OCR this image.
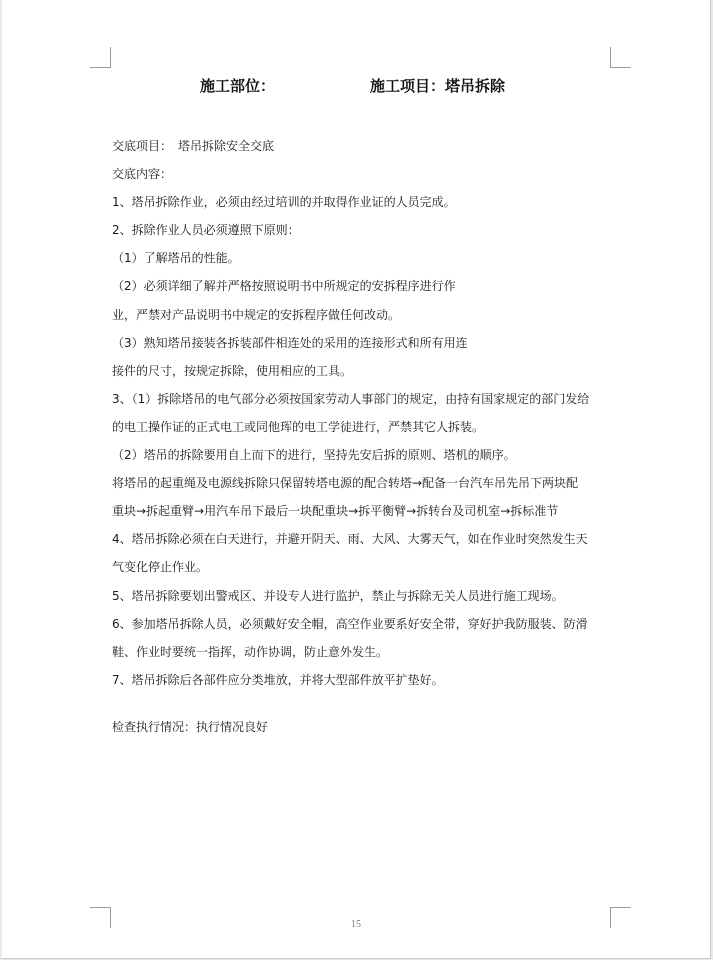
施工部位：	施工项目：塔吊拆除
交底项目：　塔吊拆除安全交底
交底内容：
1、塔吊拆除作业，必须由经过培训的并取得作业证的人员完成。
2、拆除作业人员必须遵照下原则：
（1）了解塔吊的性能。
（2）必须详细了解并严格按照说明书中所规定的安拆程序进行作
业，严禁对产品说明书中规定的安拆程序做任何改动。
（3）熟知塔吊接装各拆装部件相连处的采用的连接形式和所有用连
接件的尺寸，按规定拆除，使用相应的工具。
3、（1）拆除塔吊的电气部分必须按国家劳动人事部门的规定，由持有国家规定的部门发给
的电工操作证的正式电工或同他珲的电工学徒进行，严禁其它人拆装。
（2）塔吊的拆除要用自上而下的进行，坚持先安后拆的原则、塔机的顺序。
将塔吊的起重绳及电源线拆除只保留转塔电源的配合转塔→配备一台汽车吊先吊下两块配
重块→拆起重臂→用汽车吊下最后一块配重块→拆平衡臂→拆转台及司机室→拆标准节
4、塔吊拆除必须在白天进行，并避开阴天、雨、大风、大雾天气，如在作业时突然发生天
气变化停止作业。
5、塔吊拆除要划出警戒区、并设专人进行监护，禁止与拆除无关人员进行施工现场。
6、参加塔吊拆除人员，必须戴好安全帽，高空作业要系好安全带，穿好护我防服装、防滑
鞋、作业时要统一指挥，动作协调，防止意外发生。
7、塔吊拆除后各部件应分类堆放，并将大型部件放平扩垫好。
检查执行情况：执行情况良好
15
